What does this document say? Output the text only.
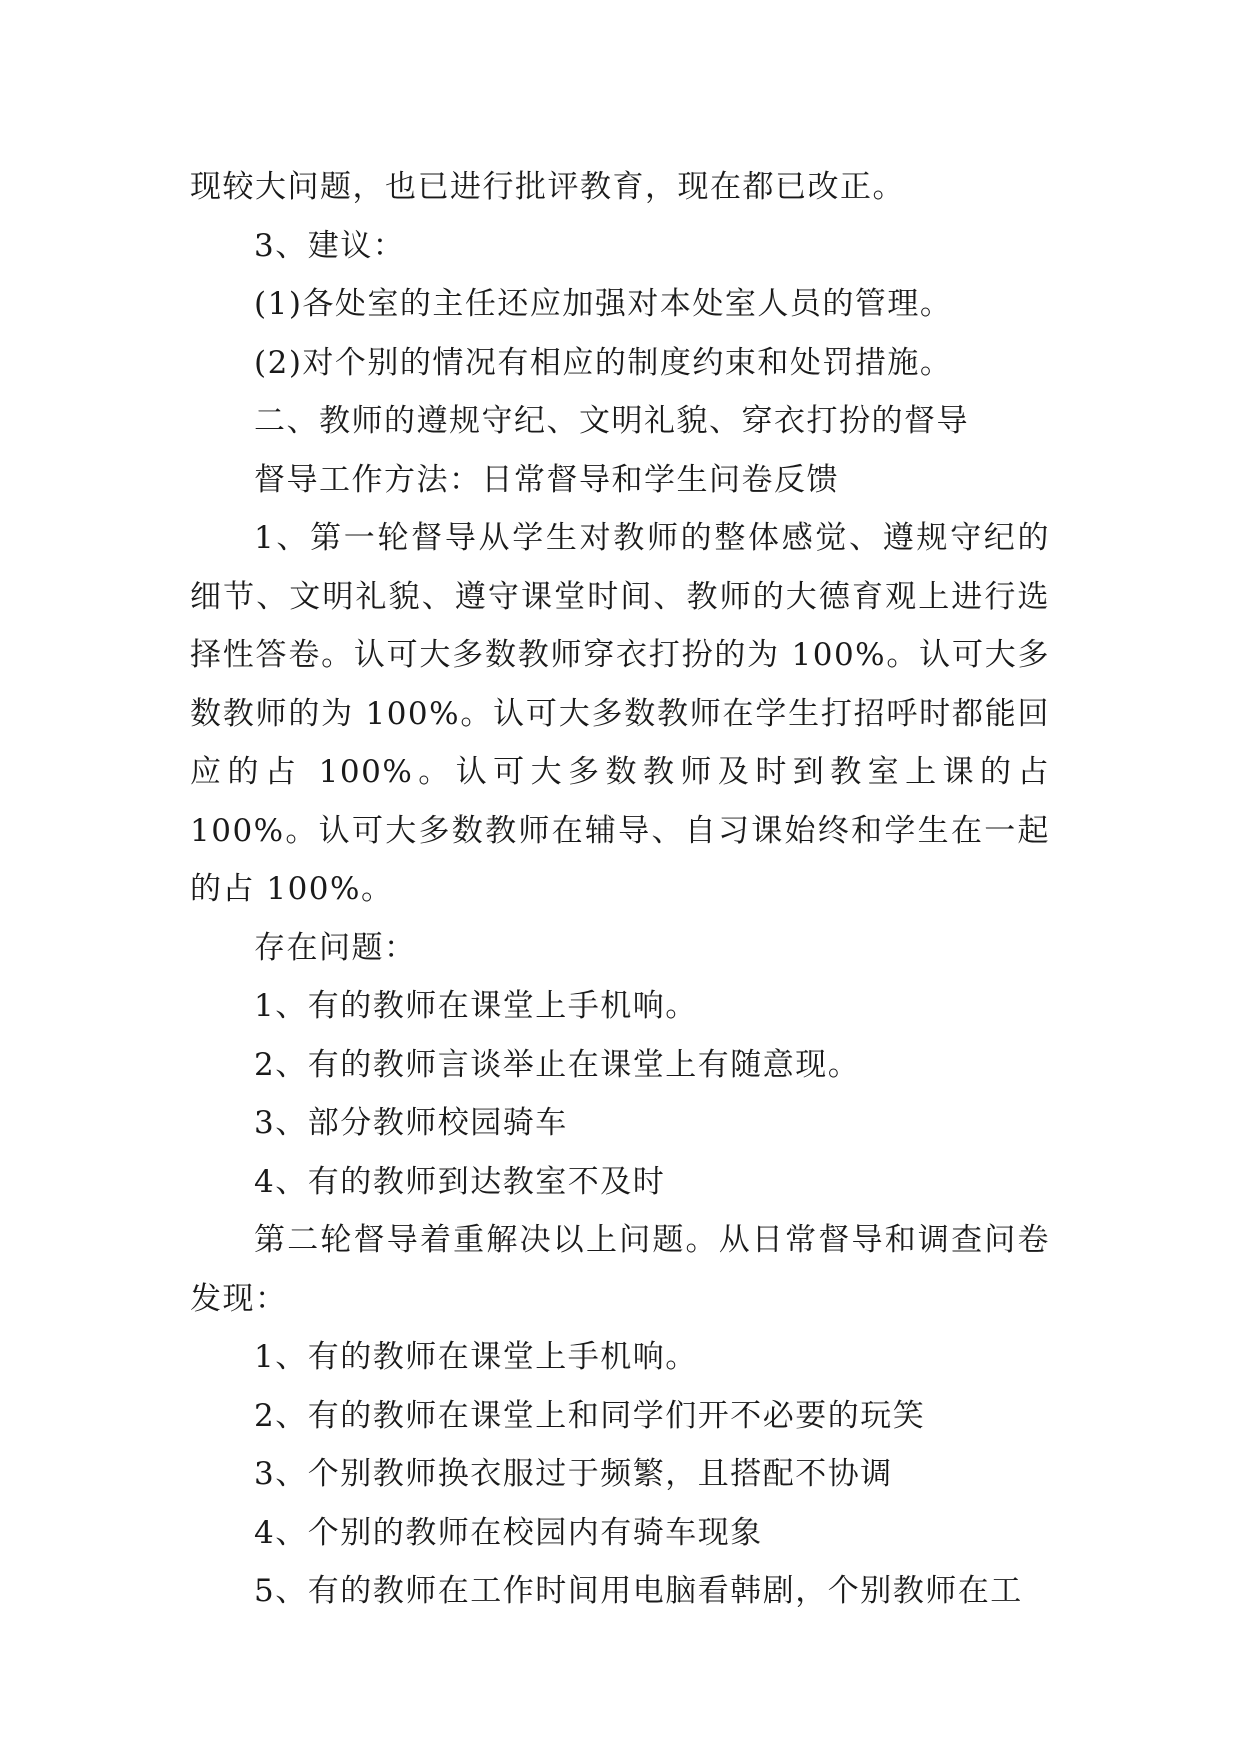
现较大问题，也已进行批评教育，现在都已改正。

3、建议：

(1)各处室的主任还应加强对本处室人员的管理。

(2)对个别的情况有相应的制度约束和处罚措施。

二、教师的遵规守纪、文明礼貌、穿衣打扮的督导

督导工作方法：日常督导和学生问卷反馈

1、第一轮督导从学生对教师的整体感觉、遵规守纪的细节、文明礼貌、遵守课堂时间、教师的大德育观上进行选择性答卷。认可大多数教师穿衣打扮的为 100%。认可大多数教师的为 100%。认可大多数教师在学生打招呼时都能回应的占 100%。认可大多数教师及时到教室上课的占 100%。认可大多数教师在辅导、自习课始终和学生在一起的占 100%。

存在问题：

1、有的教师在课堂上手机响。

2、有的教师言谈举止在课堂上有随意现。

3、部分教师校园骑车

4、有的教师到达教室不及时

第二轮督导着重解决以上问题。从日常督导和调查问卷发现：

1、有的教师在课堂上手机响。

2、有的教师在课堂上和同学们开不必要的玩笑

3、个别教师换衣服过于频繁，且搭配不协调

4、个别的教师在校园内有骑车现象

5、有的教师在工作时间用电脑看韩剧，个别教师在工
